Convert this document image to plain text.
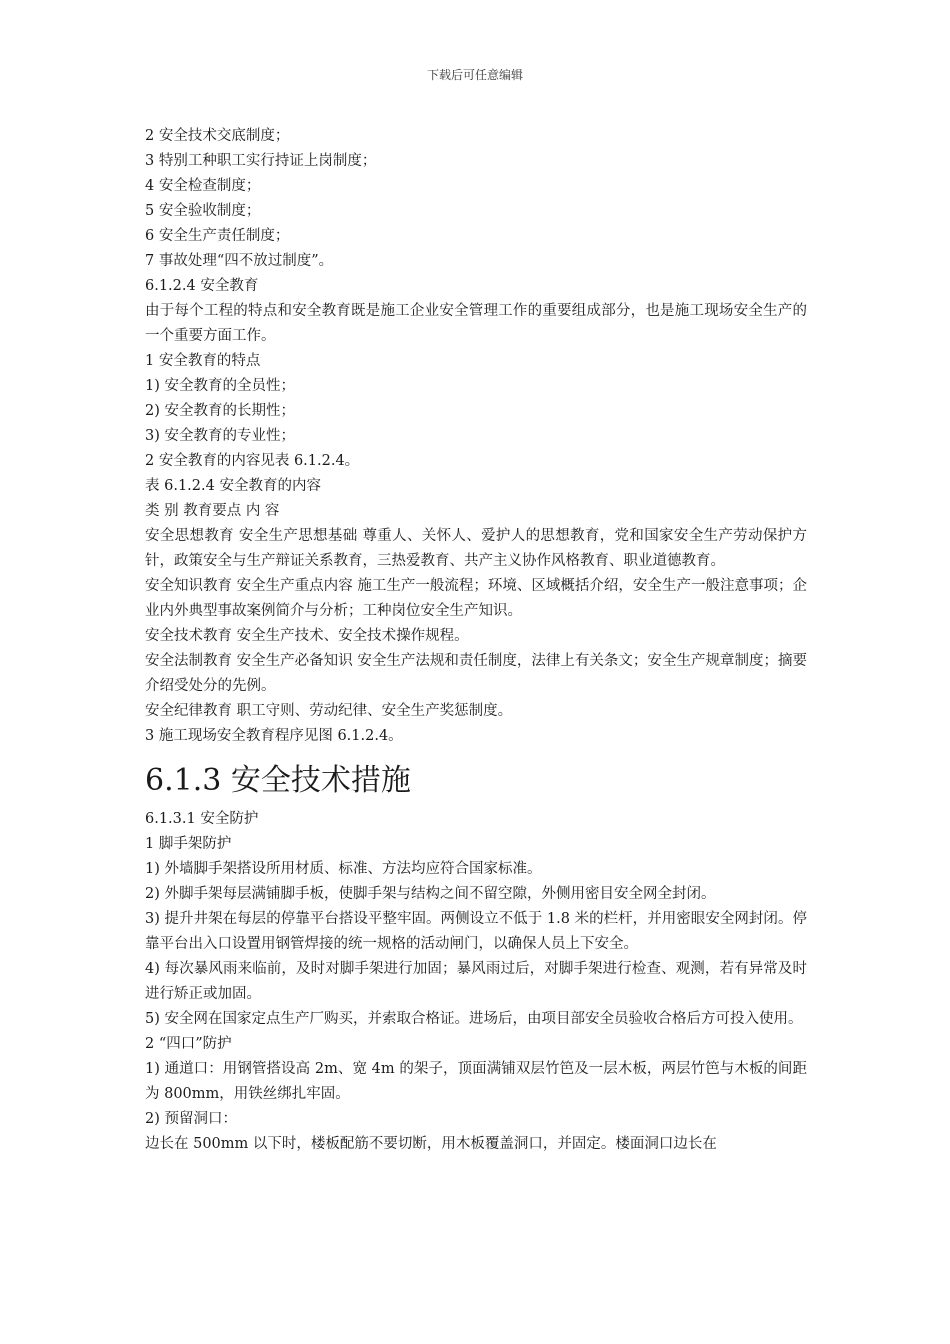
下载后可任意编辑

2 安全技术交底制度；

3 特别工种职工实行持证上岗制度；

4 安全检查制度；

5 安全验收制度；

6 安全生产责任制度；

7 事故处理“四不放过制度”。

6.1.2.4 安全教育

由于每个工程的特点和安全教育既是施工企业安全管理工作的重要组成部分，也是施工现场安全生产的一个重要方面工作。

1 安全教育的特点

1) 安全教育的全员性；

2) 安全教育的长期性；

3) 安全教育的专业性；

2 安全教育的内容见表 6.1.2.4。

表 6.1.2.4 安全教育的内容

类 别 教育要点 内 容

安全思想教育 安全生产思想基础 尊重人、关怀人、爱护人的思想教育，党和国家安全生产劳动保护方针，政策安全与生产辩证关系教育，三热爱教育、共产主义协作风格教育、职业道德教育。

安全知识教育 安全生产重点内容 施工生产一般流程；环境、区域概括介绍，安全生产一般注意事项；企业内外典型事故案例简介与分析；工种岗位安全生产知识。

安全技术教育 安全生产技术、安全技术操作规程。

安全法制教育 安全生产必备知识 安全生产法规和责任制度，法律上有关条文；安全生产规章制度；摘要介绍受处分的先例。

安全纪律教育 职工守则、劳动纪律、安全生产奖惩制度。

3 施工现场安全教育程序见图 6.1.2.4。

6.1.3 安全技术措施

6.1.3.1 安全防护

1 脚手架防护

1) 外墙脚手架搭设所用材质、标准、方法均应符合国家标准。

2) 外脚手架每层满铺脚手板，使脚手架与结构之间不留空隙，外侧用密目安全网全封闭。

3) 提升井架在每层的停靠平台搭设平整牢固。两侧设立不低于 1.8 米的栏杆，并用密眼安全网封闭。停靠平台出入口设置用钢管焊接的统一规格的活动闸门，以确保人员上下安全。

4) 每次暴风雨来临前，及时对脚手架进行加固；暴风雨过后，对脚手架进行检查、观测，若有异常及时进行矫正或加固。

5) 安全网在国家定点生产厂购买，并索取合格证。进场后，由项目部安全员验收合格后方可投入使用。

2 “四口”防护

1) 通道口：用钢管搭设高 2m、宽 4m 的架子，顶面满铺双层竹笆及一层木板，两层竹笆与木板的间距为 800mm，用铁丝绑扎牢固。

2) 预留洞口：

边长在 500mm 以下时，楼板配筋不要切断，用木板覆盖洞口，并固定。楼面洞口边长在
